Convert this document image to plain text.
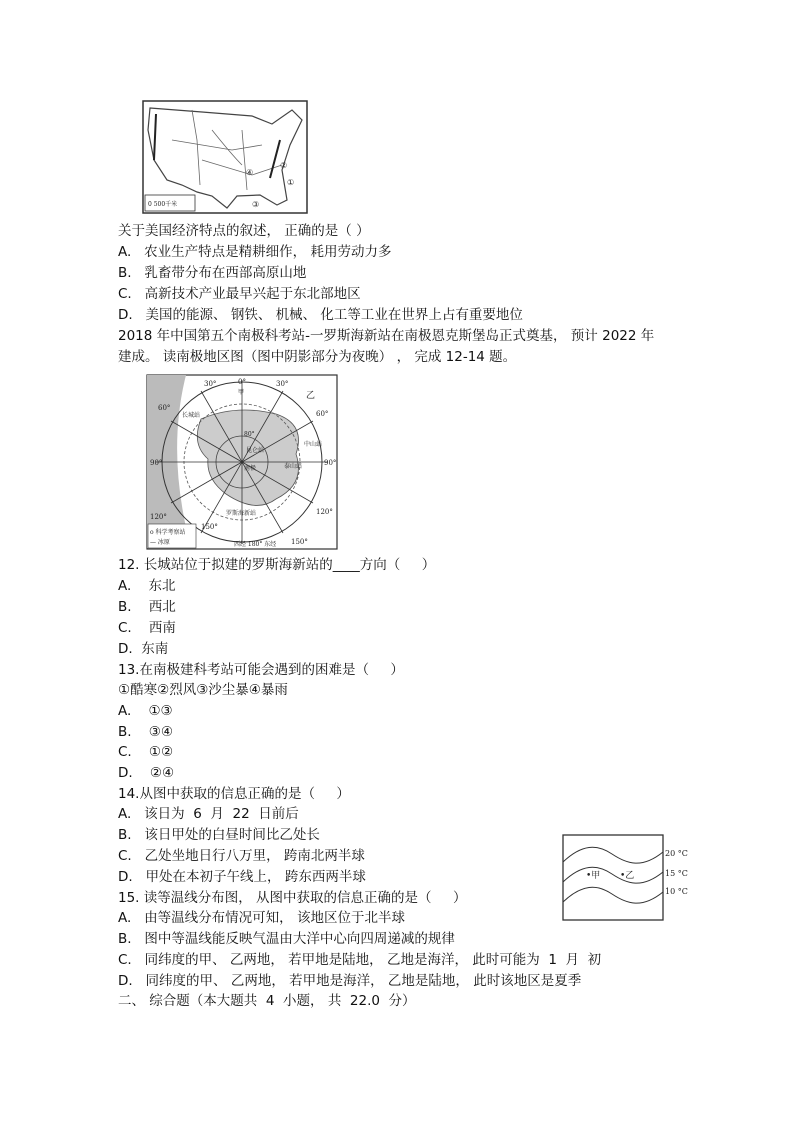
④
②
①
③
0 500千米
关于美国经济特点的叙述， 正确的是（ ）
A.   农业生产特点是精耕细作， 耗用劳动力多
B.   乳畜带分布在西部高原山地
C.   高新技术产业最早兴起于东北部地区
D.   美国的能源、 钢铁、 机械、 化工等工业在世界上占有重要地位
2018 年中国第五个南极科考站-一罗斯海新站在南极恩克斯堡岛正式奠基， 预计 2022 年
建成。 读南极地区图（图中阴影部分为夜晚） ， 完成 12-14 题。
0°
30°
60°
90°
120°
150°
30°
60°
90°
120°
150°
乙
甲
长城站
中山站
泰山站
昆仑站
南极
罗斯海新站
80°
西经 180° 东经
o 科学考察站
— 冰原
12. 长城站位于拟建的罗斯海新站的____方向（     ）
A.    东北
B.    西北
C.    西南
D.  东南
13.在南极建科考站可能会遇到的困难是（     ）
①酷寒②烈风③沙尘暴④暴雨
A.    ①③
B.    ③④
C.    ①②
D.    ②④
14.从图中获取的信息正确的是（     ）
A.   该日为  6  月  22  日前后
B.   该日甲处的白昼时间比乙处长
C.   乙处坐地日行八万里， 跨南北两半球
D.   甲处在本初子午线上， 跨东西两半球
15. 读等温线分布图， 从图中获取的信息正确的是（     ）
A.   由等温线分布情况可知， 该地区位于北半球
B.   图中等温线能反映气温由大洋中心向四周递减的规律
C.   同纬度的甲、 乙两地， 若甲地是陆地， 乙地是海洋， 此时可能为  1  月  初
D.   同纬度的甲、 乙两地， 若甲地是海洋， 乙地是陆地， 此时该地区是夏季
二、 综合题（本大题共  4  小题， 共  22.0  分）
•甲 •乙
20 °C
15 °C
10 °C
